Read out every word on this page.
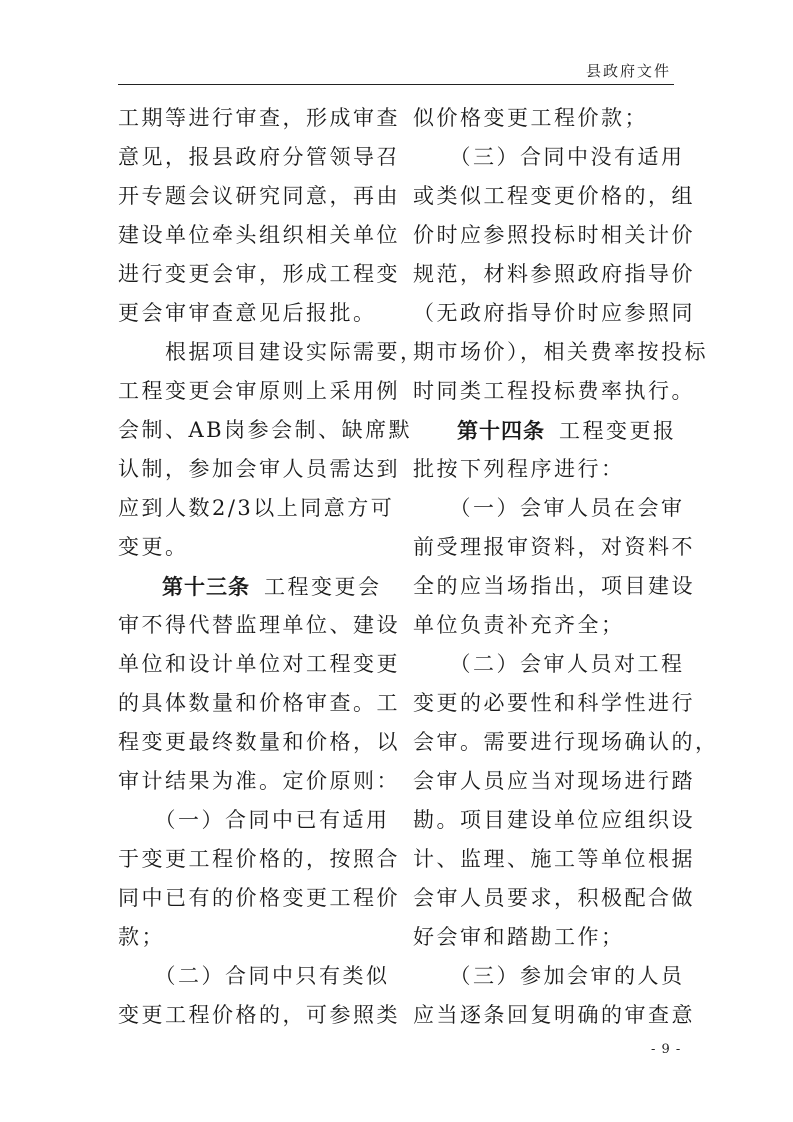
县政府文件
工期等进行审查，形成审查
意见，报县政府分管领导召
开专题会议研究同意，再由
建设单位牵头组织相关单位
进行变更会审，形成工程变
更会审审查意见后报批。
　　根据项目建设实际需要，
工程变更会审原则上采用例
会制、AB岗参会制、缺席默
认制，参加会审人员需达到
应到人数2/3以上同意方可
变更。
　　第十三条 工程变更会
审不得代替监理单位、建设
单位和设计单位对工程变更
的具体数量和价格审查。工
程变更最终数量和价格，以
审计结果为准。定价原则：
　　（一）合同中已有适用
于变更工程价格的，按照合
同中已有的价格变更工程价
款；
　　（二）合同中只有类似
变更工程价格的，可参照类
似价格变更工程价款；
　　（三）合同中没有适用
或类似工程变更价格的，组
价时应参照投标时相关计价
规范，材料参照政府指导价
（无政府指导价时应参照同
期市场价），相关费率按投标
时同类工程投标费率执行。
　　第十四条 工程变更报
批按下列程序进行：
　　（一）会审人员在会审
前受理报审资料，对资料不
全的应当场指出，项目建设
单位负责补充齐全；
　　（二）会审人员对工程
变更的必要性和科学性进行
会审。需要进行现场确认的，
会审人员应当对现场进行踏
勘。项目建设单位应组织设
计、监理、施工等单位根据
会审人员要求，积极配合做
好会审和踏勘工作；
　　（三）参加会审的人员
应当逐条回复明确的审查意
- 9 -
